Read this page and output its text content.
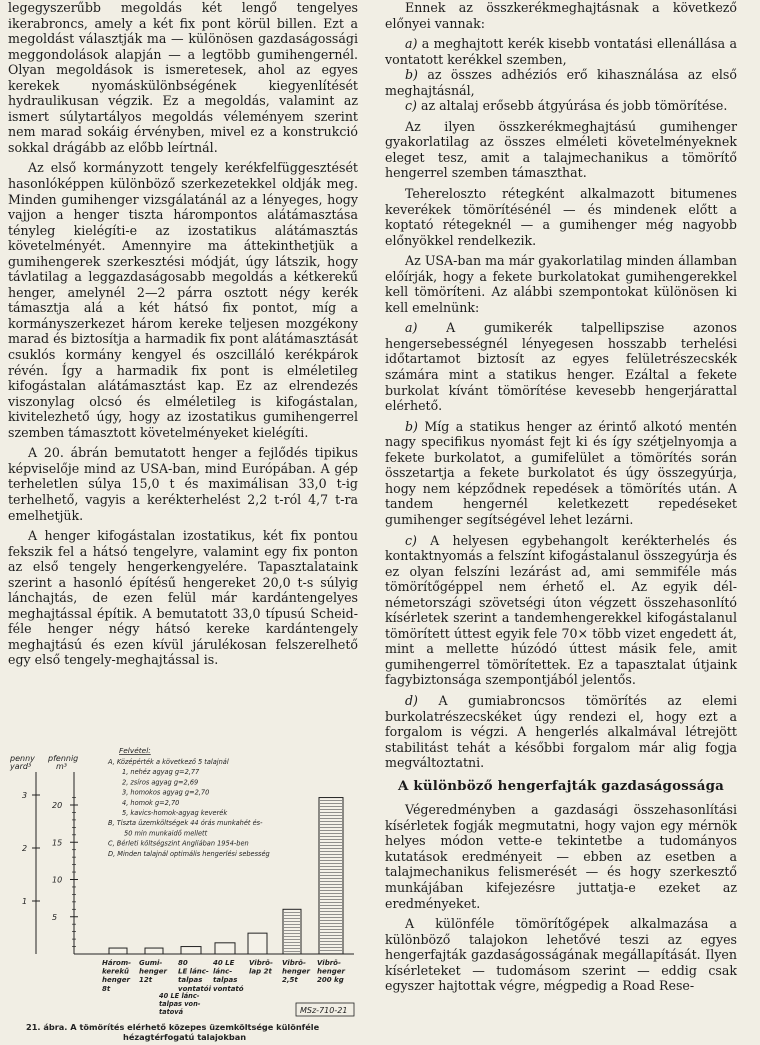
legegyszerűbb megoldás két lengő tengelyes ikerabroncs, amely a két fix pont körül billen. Ezt a megoldást választják ma — különösen gazdaságossági meggondolások alapján — a legtöbb gumihengernél. Olyan megoldások is ismeretesek, ahol az egyes kerekek nyomáskülönbségének kiegyenlítését hydraulikusan végzik. Ez a megoldás, valamint az ismert súlytartályos megoldás véleményem szerint nem marad sokáig érvényben, mivel ez a konstrukció sokkal drágább az előbb leírtnál.

Az első kormányzott tengely kerékfelfüggesztését hasonlóképpen különböző szerkezetekkel oldják meg. Minden gumihenger vizsgálatánál az a lényeges, hogy vajjon a henger tiszta hárompontos alátámasztása tényleg kielégíti-e az izostatikus alátámasztás követelményét. Amennyire ma áttekinthetjük a gumihengerek szerkesztési módját, úgy látszik, hogy távlatilag a leggazdaságosabb megoldás a kétkerekű henger, amelynél 2—2 párra osztott négy kerék támasztja alá a két hátsó fix pontot, míg a kormányszerkezet három kereke teljesen mozgékony marad és biztosítja a harmadik fix pont alátámasztását csuklós kormány kengyel és oszcilláló kerékpárok révén. Így a harmadik fix pont is elméletileg kifogástalan alátámasztást kap. Ez az elrendezés viszonylag olcsó és elméletileg is kifogástalan, kivitelezhető úgy, hogy az izostatikus gumihengerrel szemben támasztott követelményeket kielégíti.

A 20. ábrán bemutatott henger a fejlődés tipikus képviselője mind az USA-ban, mind Európában. A gép terheletlen súlya 15,0 t és maximálisan 33,0 t-ig terhelhető, vagyis a kerékterhelést 2,2 t-ról 4,7 t-ra emelhetjük.

A henger kifogástalan izostatikus, két fix pontou fekszik fel a hátsó tengelyre, valamint egy fix ponton az első tengely hengerkengyelére. Tapasztalataink szerint a hasonló építésű hengereket 20,0 t-s súlyig lánchajtás, de ezen felül már kardántengelyes meghajtással építik. A bemutatott 33,0 típusú Scheid-féle henger négy hátsó kereke kardántengely meghajtású és ezen kívül járulékosan felszerelhető egy első tengely-meghajtással is.

Ennek az összkerékmeghajtásnak a következő előnyei vannak:

a) a meghajtott kerék kisebb vontatási ellenállása a vontatott kerékkel szemben,

b) az összes adhéziós erő kihasználása az első meghajtásnál,

c) az altalaj erősebb átgyúrása és jobb tömörítése.

Az ilyen összkerékmeghajtású gumihenger gyakorlatilag az összes elméleti követelményeknek eleget tesz, amit a talajmechanikus a tömörítő hengerrel szemben támaszthat.

Tehereloszto rétegként alkalmazott bitumenes keverékek tömörítésénél — és mindenek előtt a koptató rétegeknél — a gumihenger még nagyobb előnyökkel rendelkezik.

Az USA-ban ma már gyakorlatilag minden államban előírják, hogy a fekete burkolatokat gumihengerekkel kell tömöríteni. Az alábbi szempontokat különösen ki kell emelnünk:

a) A gumikerék talpellipszise azonos hengersebességnél lényegesen hosszabb terhelési időtartamot biztosít az egyes felületrészecskék számára mint a statikus henger. Ezáltal a fekete burkolat kívánt tömörítése kevesebb hengerjárattal elérhető.

b) Míg a statikus henger az érintő alkotó mentén nagy specifikus nyomást fejt ki és így szétjelnyomja a fekete burkolatot, a gumifelület a tömörítés során összetartja a fekete burkolatot és úgy összegyúrja, hogy nem képződnek repedések a tömörítés után. A tandem hengernél keletkezett repedéseket gumihenger segítségével lehet lezárni.

c) A helyesen egybehangolt kerékterhelés és kontaktnyomás a felszínt kifogástalanul összegyúrja és ez olyan felszíni lezárást ad, ami semmiféle más tömörítőgéppel nem érhető el. Az egyik dél-németországi szövetségi úton végzett összehasonlító kísérletek szerint a tandemhengerekkel kifogástalanul tömörített úttest egyik fele 70× több vizet engedett át, mint a mellette húzódó úttest másik fele, amit gumihengerrel tömörítettek. Ez a tapasztalat útjaink fagybiztonsága szempontjából jelentős.

d) A gumiabroncsos tömörítés az elemi burkolatrészecskéket úgy rendezi el, hogy ezt a forgalom is végzi. A hengerlés alkalmával létrejött stabilitást tehát a későbbi forgalom már alig fogja megváltoztatni.

A különböző hengerfajták gazdaságossága

Végeredményben a gazdasági összehasonlítási kísérletek fogják megmutatni, hogy vajon egy mérnök helyes módon vette-e tekintetbe a tudományos kutatások eredményeit — ebben az esetben a talajmechanikus felismerését — és hogy szerkesztő munkájában kifejezésre juttatja-e ezeket az eredményeket.

A különféle tömörítőgépek alkalmazása a különböző talajokon lehetővé teszi az egyes hengerfajták gazdaságosságának megállapítását. Ilyen kísérleteket — tudomásom szerint — eddig csak egyszer hajtottak végre, mégpedig a Road Rese-

penny
yard³
pfennig
m³
3
2
1
20
15
10
5
Felvétel:
A, Középérték a következő 5 talajnál
1, nehéz agyag g=2,77
2, zsíros agyag g=2,69
3, homokos agyag g=2,70
4, homok g=2,70
5, kavics-homok-agyag keverék
B, Tiszta üzemköltségek 44 órás munkahét és-
50 min munkaidő mellett
C, Bérleti költségszint Angliában 1954-ben
D, Minden talajnál optimális hengerlési sebesség
Három-
kerekű
henger
8t
Gumi-
henger
12t
80
LE lánc-
talpas
vontatói
40 LE
lánc-
talpas
vontató
Vibrö-
lap 2t
Vibrö-
henger
2,5t
Vibrö-
henger
200 kg
40 LE lánc-
talpas von-
tatová	MSz-710-21
21. ábra. A tömörítés elérhető közepes üzemköltsége különféle
hézagtérfogatú talajokban
